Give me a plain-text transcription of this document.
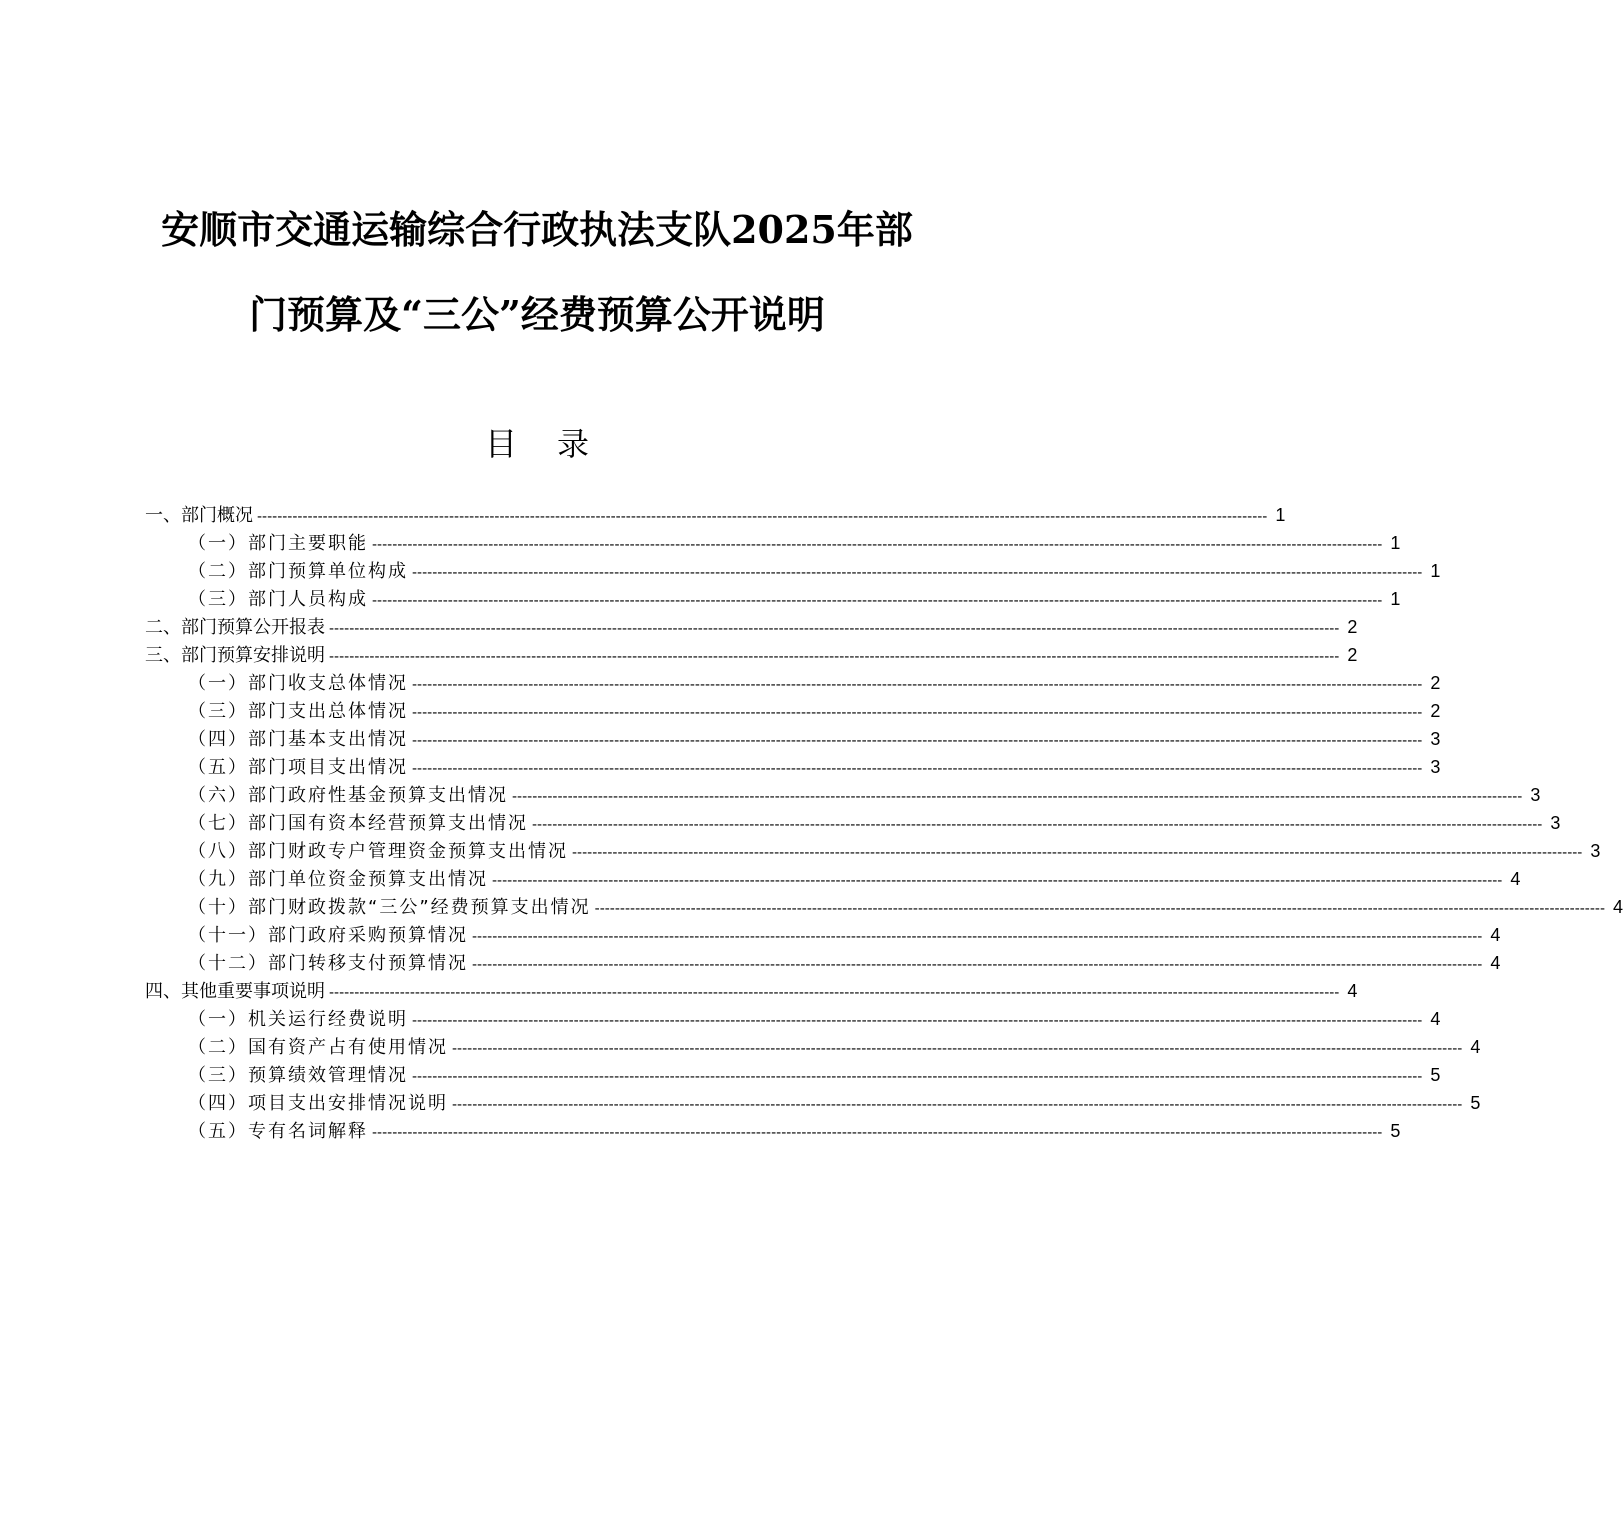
安顺市交通运输综合行政执法支队2025年部
门预算及“三公”经费预算公开说明
目录
一、部门概况 -------------------------------------------------------------------------------------------------------------------------------------------------------------------------------------------------------- 1
（一）部门主要职能 -------------------------------------------------------------------------------------------------------------------------------------------------------------------------------------------------------- 1
（二）部门预算单位构成 -------------------------------------------------------------------------------------------------------------------------------------------------------------------------------------------------------- 1
（三）部门人员构成 -------------------------------------------------------------------------------------------------------------------------------------------------------------------------------------------------------- 1
二、部门预算公开报表 -------------------------------------------------------------------------------------------------------------------------------------------------------------------------------------------------------- 2
三、部门预算安排说明 -------------------------------------------------------------------------------------------------------------------------------------------------------------------------------------------------------- 2
（一）部门收支总体情况 -------------------------------------------------------------------------------------------------------------------------------------------------------------------------------------------------------- 2
（三）部门支出总体情况 -------------------------------------------------------------------------------------------------------------------------------------------------------------------------------------------------------- 2
（四）部门基本支出情况 -------------------------------------------------------------------------------------------------------------------------------------------------------------------------------------------------------- 3
（五）部门项目支出情况 -------------------------------------------------------------------------------------------------------------------------------------------------------------------------------------------------------- 3
（六）部门政府性基金预算支出情况 -------------------------------------------------------------------------------------------------------------------------------------------------------------------------------------------------------- 3
（七）部门国有资本经营预算支出情况 -------------------------------------------------------------------------------------------------------------------------------------------------------------------------------------------------------- 3
（八）部门财政专户管理资金预算支出情况 -------------------------------------------------------------------------------------------------------------------------------------------------------------------------------------------------------- 3
（九）部门单位资金预算支出情况 -------------------------------------------------------------------------------------------------------------------------------------------------------------------------------------------------------- 4
（十）部门财政拨款“三公”经费预算支出情况 -------------------------------------------------------------------------------------------------------------------------------------------------------------------------------------------------------- 4
（十一）部门政府采购预算情况 -------------------------------------------------------------------------------------------------------------------------------------------------------------------------------------------------------- 4
（十二）部门转移支付预算情况 -------------------------------------------------------------------------------------------------------------------------------------------------------------------------------------------------------- 4
四、其他重要事项说明 -------------------------------------------------------------------------------------------------------------------------------------------------------------------------------------------------------- 4
（一）机关运行经费说明 -------------------------------------------------------------------------------------------------------------------------------------------------------------------------------------------------------- 4
（二）国有资产占有使用情况 -------------------------------------------------------------------------------------------------------------------------------------------------------------------------------------------------------- 4
（三）预算绩效管理情况 -------------------------------------------------------------------------------------------------------------------------------------------------------------------------------------------------------- 5
（四）项目支出安排情况说明 -------------------------------------------------------------------------------------------------------------------------------------------------------------------------------------------------------- 5
（五）专有名词解释 -------------------------------------------------------------------------------------------------------------------------------------------------------------------------------------------------------- 5
